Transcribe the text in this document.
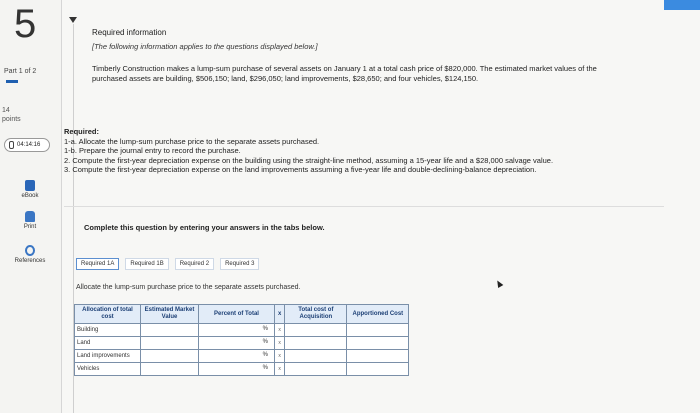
5
Part 1 of 2
14
points
04:14:16
eBook
Print
References
Required information
[The following information applies to the questions displayed below.]
Timberly Construction makes a lump-sum purchase of several assets on January 1 at a total cash price of $820,000. The estimated market values of the purchased assets are building, $506,150; land, $296,050; land improvements, $28,650; and four vehicles, $124,150.
Required:
1-a. Allocate the lump-sum purchase price to the separate assets purchased.
1-b. Prepare the journal entry to record the purchase.
2. Compute the first-year depreciation expense on the building using the straight-line method, assuming a 15-year life and a $28,000 salvage value.
3. Compute the first-year depreciation expense on the land improvements assuming a five-year life and double-declining-balance depreciation.
Complete this question by entering your answers in the tabs below.
Required 1A	Required 1B	Required 2	Required 3
Allocate the lump-sum purchase price to the separate assets purchased.
Allocation of total cost	Estimated Market Value	Percent of Total	x	Total cost of Acquisition	Apportioned Cost
Building		%	x		
Land		%	x		
Land improvements		%	x		
Vehicles		%	x		
